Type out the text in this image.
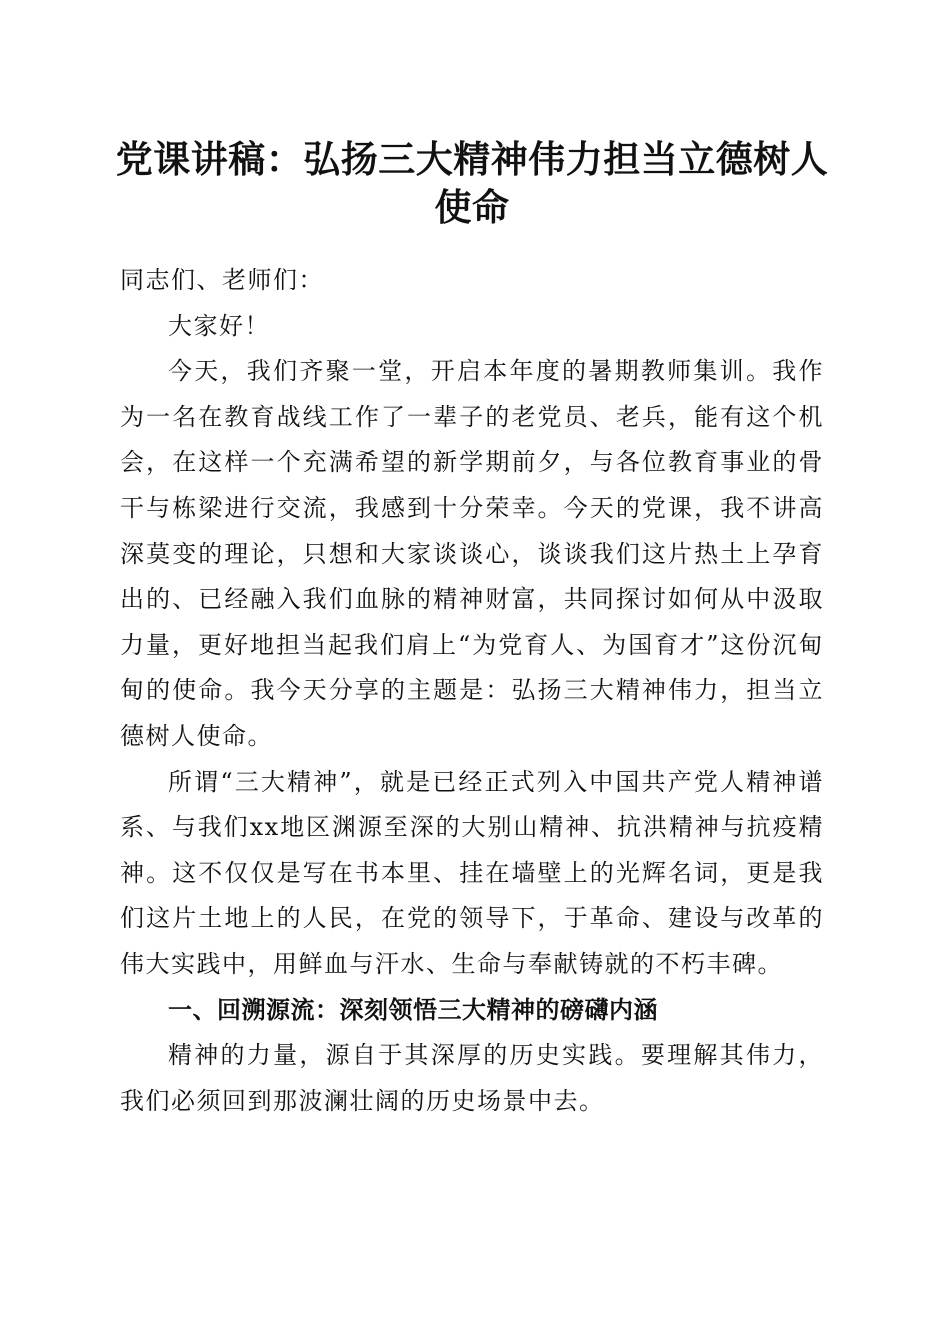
党课讲稿：弘扬三大精神伟力担当立德树人使命

同志们、老师们：

大家好！

今天，我们齐聚一堂，开启本年度的暑期教师集训。我作为一名在教育战线工作了一辈子的老党员、老兵，能有这个机会，在这样一个充满希望的新学期前夕，与各位教育事业的骨干与栋梁进行交流，我感到十分荣幸。今天的党课，我不讲高深莫变的理论，只想和大家谈谈心，谈谈我们这片热土上孕育出的、已经融入我们血脉的精神财富，共同探讨如何从中汲取力量，更好地担当起我们肩上“为党育人、为国育才”这份沉甸甸的使命。我今天分享的主题是：弘扬三大精神伟力，担当立德树人使命。

所谓“三大精神”，就是已经正式列入中国共产党人精神谱系、与我们xx地区渊源至深的大别山精神、抗洪精神与抗疫精神。这不仅仅是写在书本里、挂在墙壁上的光辉名词，更是我们这片土地上的人民，在党的领导下，于革命、建设与改革的伟大实践中，用鲜血与汗水、生命与奉献铸就的不朽丰碑。

一、回溯源流：深刻领悟三大精神的磅礴内涵

精神的力量，源自于其深厚的历史实践。要理解其伟力，我们必须回到那波澜壮阔的历史场景中去。
